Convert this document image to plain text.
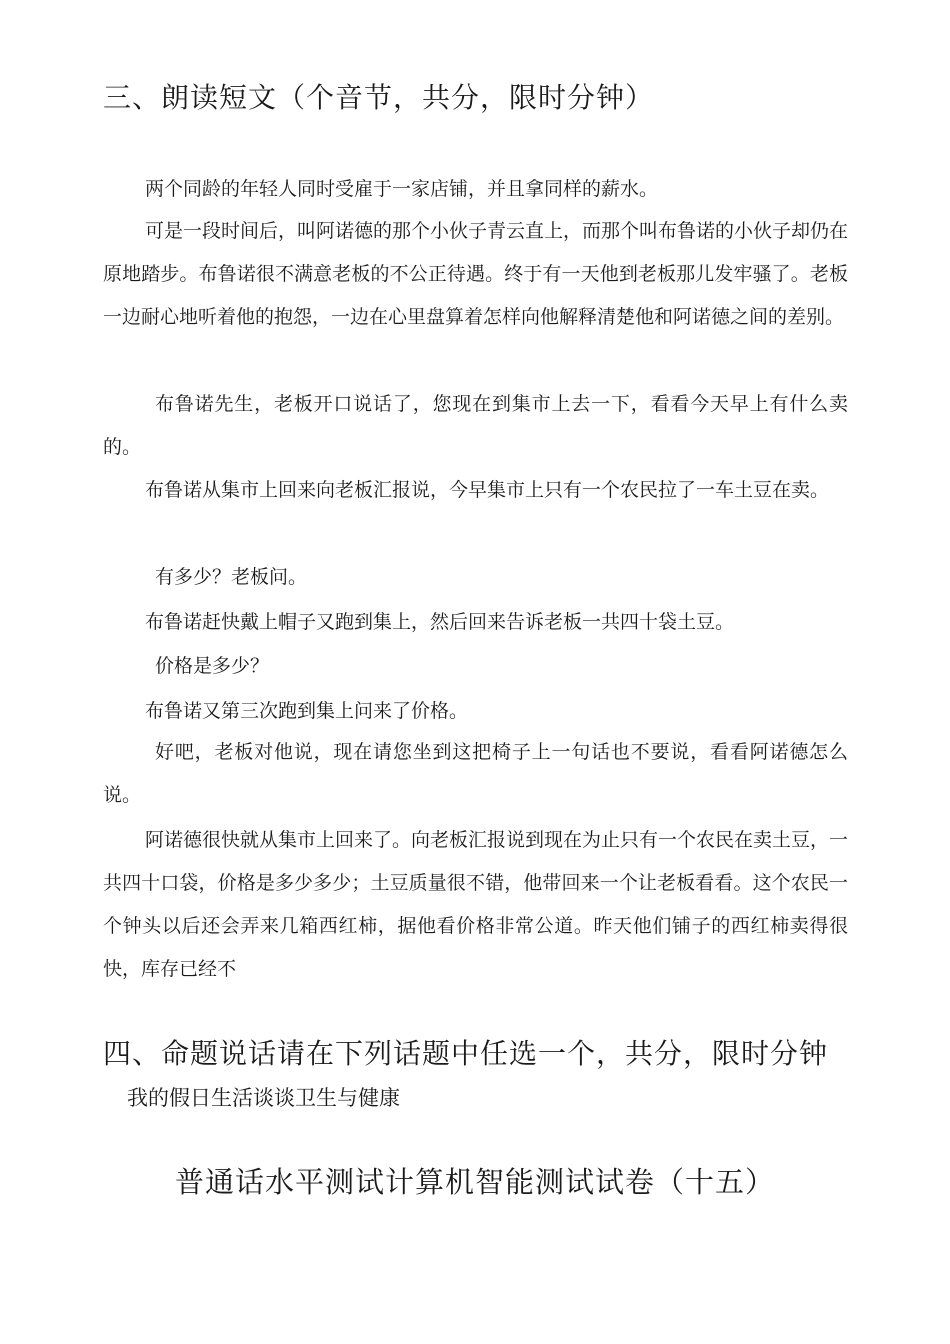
三、朗读短文（个音节，共分，限时分钟）

两个同龄的年轻人同时受雇于一家店铺，并且拿同样的薪水。

可是一段时间后，叫阿诺德的那个小伙子青云直上，而那个叫布鲁诺的小伙子却仍在原地踏步。布鲁诺很不满意老板的不公正待遇。终于有一天他到老板那儿发牢骚了。老板一边耐心地听着他的抱怨，一边在心里盘算着怎样向他解释清楚他和阿诺德之间的差别。

布鲁诺先生，老板开口说话了，您现在到集市上去一下，看看今天早上有什么卖的。

布鲁诺从集市上回来向老板汇报说，今早集市上只有一个农民拉了一车土豆在卖。

有多少？老板问。

布鲁诺赶快戴上帽子又跑到集上，然后回来告诉老板一共四十袋土豆。

价格是多少？

布鲁诺又第三次跑到集上问来了价格。

好吧，老板对他说，现在请您坐到这把椅子上一句话也不要说，看看阿诺德怎么说。

阿诺德很快就从集市上回来了。向老板汇报说到现在为止只有一个农民在卖土豆，一共四十口袋，价格是多少多少；土豆质量很不错，他带回来一个让老板看看。这个农民一个钟头以后还会弄来几箱西红柿，据他看价格非常公道。昨天他们铺子的西红柿卖得很快，库存已经不

四、命题说话请在下列话题中任选一个，共分，限时分钟
我的假日生活谈谈卫生与健康
普通话水平测试计算机智能测试试卷（十五）
